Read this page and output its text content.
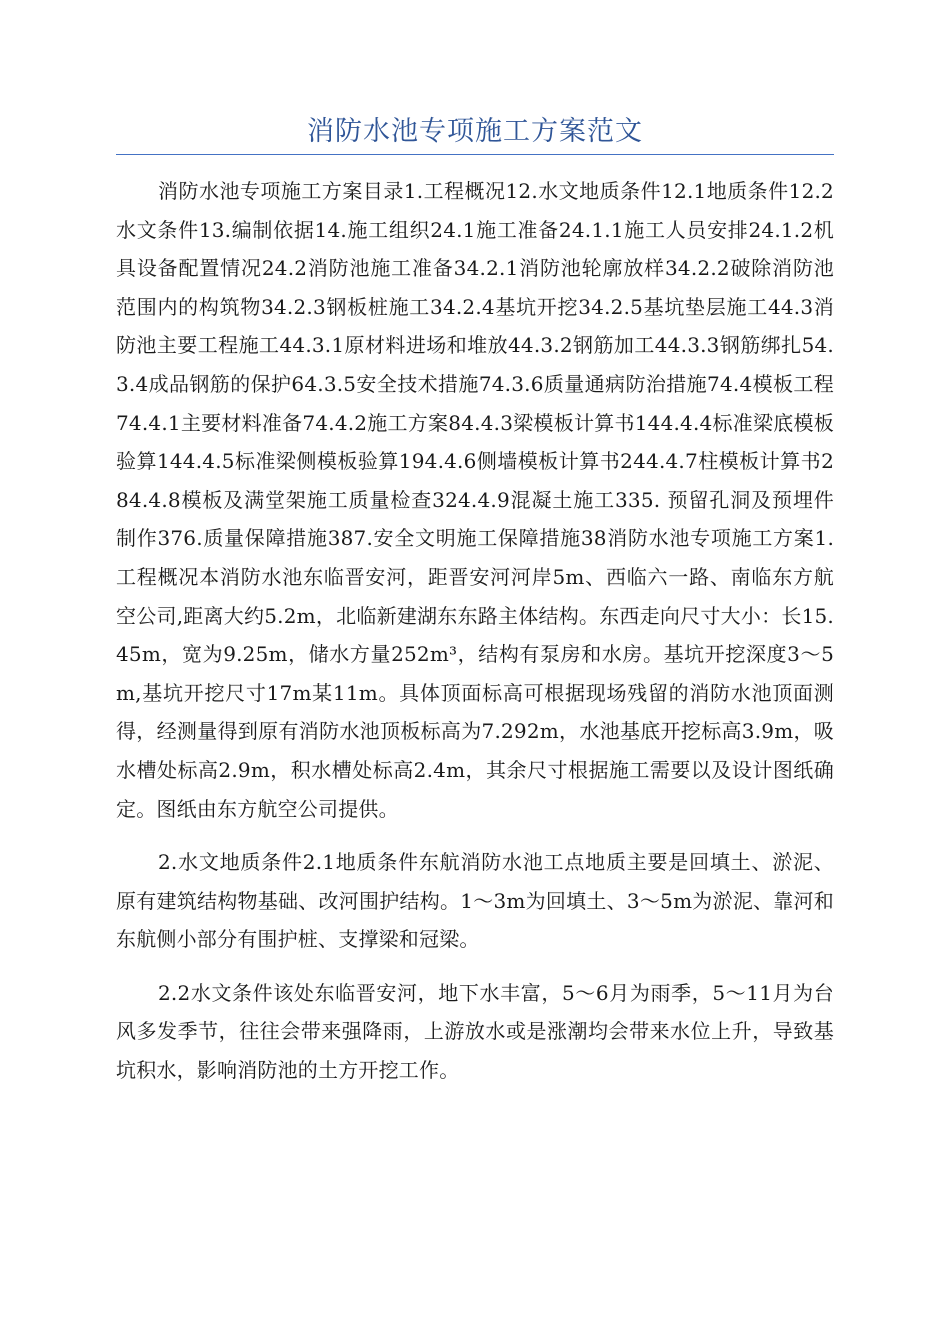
消防水池专项施工方案范文

消防水池专项施工方案目录1.工程概况12.水文地质条件12.1地质条件12.2水文条件13.编制依据14.施工组织24.1施工准备24.1.1施工人员安排24.1.2机具设备配置情况24.2消防池施工准备34.2.1消防池轮廓放样34.2.2破除消防池范围内的构筑物34.2.3钢板桩施工34.2.4基坑开挖34.2.5基坑垫层施工44.3消防池主要工程施工44.3.1原材料进场和堆放44.3.2钢筋加工44.3.3钢筋绑扎54.3.4成品钢筋的保护64.3.5安全技术措施74.3.6质量通病防治措施74.4模板工程74.4.1主要材料准备74.4.2施工方案84.4.3梁模板计算书144.4.4标准梁底模板验算144.4.5标准梁侧模板验算194.4.6侧墙模板计算书244.4.7柱模板计算书284.4.8模板及满堂架施工质量检查324.4.9混凝土施工335. 预留孔洞及预埋件制作376.质量保障措施387.安全文明施工保障措施38消防水池专项施工方案1.工程概况本消防水池东临晋安河，距晋安河河岸5m、西临六一路、南临东方航空公司,距离大约5.2m，北临新建湖东东路主体结构。东西走向尺寸大小：长15.45m，宽为9.25m，储水方量252m³，结构有泵房和水房。基坑开挖深度3～5m,基坑开挖尺寸17m某11m。具体顶面标高可根据现场残留的消防水池顶面测得，经测量得到原有消防水池顶板标高为7.292m，水池基底开挖标高3.9m，吸水槽处标高2.9m，积水槽处标高2.4m，其余尺寸根据施工需要以及设计图纸确定。图纸由东方航空公司提供。

2.水文地质条件2.1地质条件东航消防水池工点地质主要是回填土、淤泥、原有建筑结构物基础、改河围护结构。1～3m为回填土、3～5m为淤泥、靠河和东航侧小部分有围护桩、支撑梁和冠梁。

2.2水文条件该处东临晋安河，地下水丰富，5～6月为雨季，5～11月为台风多发季节，往往会带来强降雨，上游放水或是涨潮均会带来水位上升，导致基坑积水，影响消防池的土方开挖工作。
